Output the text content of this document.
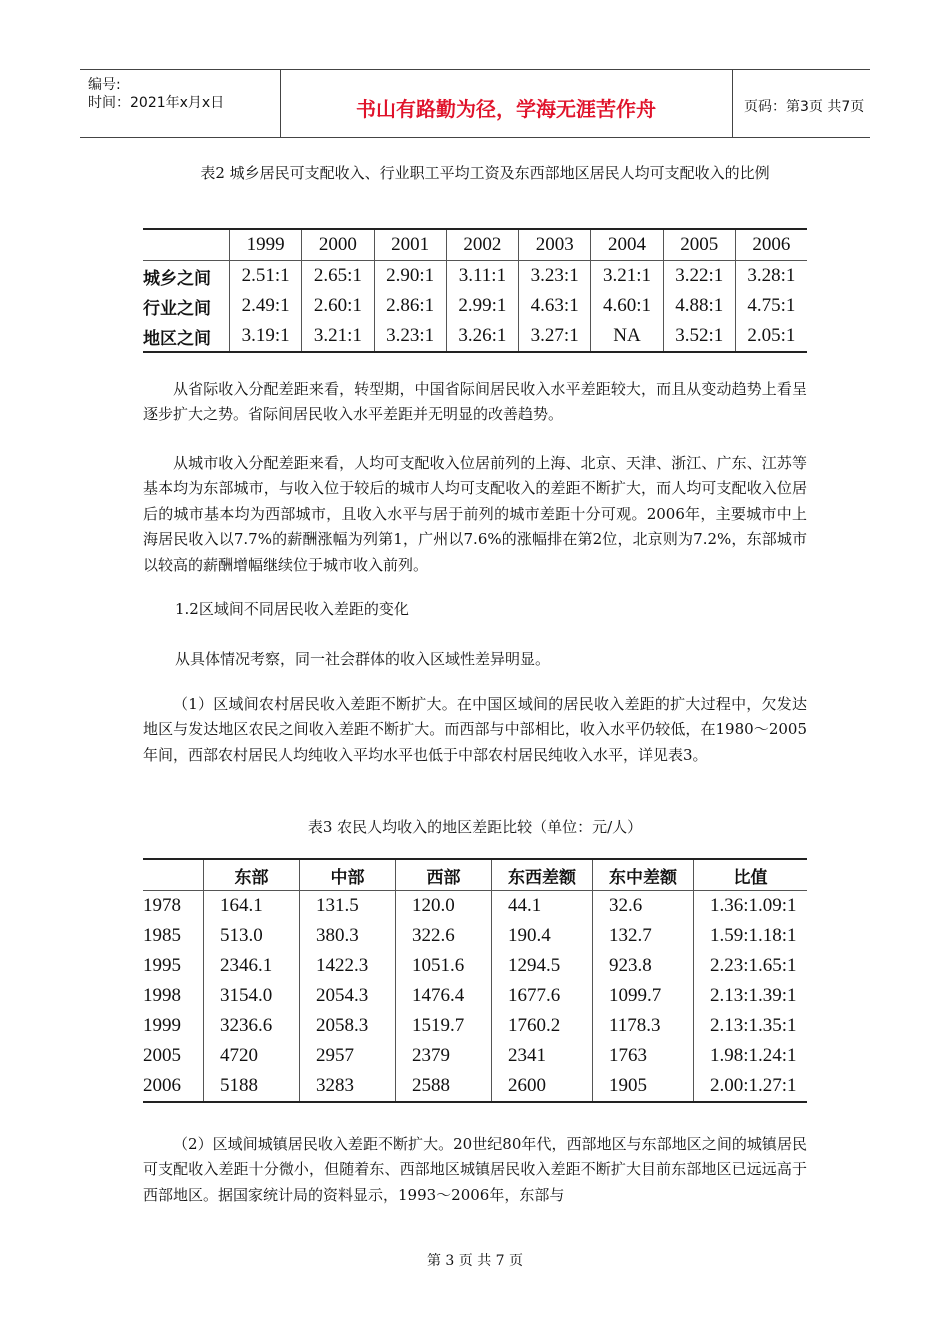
编号:
时间：2021年x月x日	书山有路勤为径，学海无涯苦作舟	页码：第3页 共7页
表2 城乡居民可支配收入、行业职工平均工资及东西部地区居民人均可支配收入的比例
	1999	2000	2001	2002	2003	2004	2005	2006
城乡之间	2.51:1	2.65:1	2.90:1	3.11:1	3.23:1	3.21:1	3.22:1	3.28:1
行业之间	2.49:1	2.60:1	2.86:1	2.99:1	4.63:1	4.60:1	4.88:1	4.75:1
地区之间	3.19:1	3.21:1	3.23:1	3.26:1	3.27:1	NA	3.52:1	2.05:1
从省际收入分配差距来看，转型期，中国省际间居民收入水平差距较大，而且从变动趋势上看呈逐步扩大之势。省际间居民收入水平差距并无明显的改善趋势。
从城市收入分配差距来看，人均可支配收入位居前列的上海、北京、天津、浙江、广东、江苏等基本均为东部城市，与收入位于较后的城市人均可支配收入的差距不断扩大，而人均可支配收入位居后的城市基本均为西部城市，且收入水平与居于前列的城市差距十分可观。2006年，主要城市中上海居民收入以7.7%的薪酬涨幅为列第1，广州以7.6%的涨幅排在第2位，北京则为7.2%，东部城市以较高的薪酬增幅继续位于城市收入前列。
1.2区域间不同居民收入差距的变化
从具体情况考察，同一社会群体的收入区域性差异明显。
（1）区域间农村居民收入差距不断扩大。在中国区域间的居民收入差距的扩大过程中，欠发达地区与发达地区农民之间收入差距不断扩大。而西部与中部相比，收入水平仍较低，在1980～2005年间，西部农村居民人均纯收入平均水平也低于中部农村居民纯收入水平，详见表3。
表3 农民人均收入的地区差距比较（单位：元/人）
	东部	中部	西部	东西差额	东中差额	比值
1978	164.1	131.5	120.0	44.1	32.6	1.36:1.09:1
1985	513.0	380.3	322.6	190.4	132.7	1.59:1.18:1
1995	2346.1	1422.3	1051.6	1294.5	923.8	2.23:1.65:1
1998	3154.0	2054.3	1476.4	1677.6	1099.7	2.13:1.39:1
1999	3236.6	2058.3	1519.7	1760.2	1178.3	2.13:1.35:1
2005	4720	2957	2379	2341	1763	1.98:1.24:1
2006	5188	3283	2588	2600	1905	2.00:1.27:1
（2）区域间城镇居民收入差距不断扩大。20世纪80年代，西部地区与东部地区之间的城镇居民可支配收入差距十分微小，但随着东、西部地区城镇居民收入差距不断扩大目前东部地区已远远高于西部地区。据国家统计局的资料显示，1993～2006年，东部与
第 3 页 共 7 页
